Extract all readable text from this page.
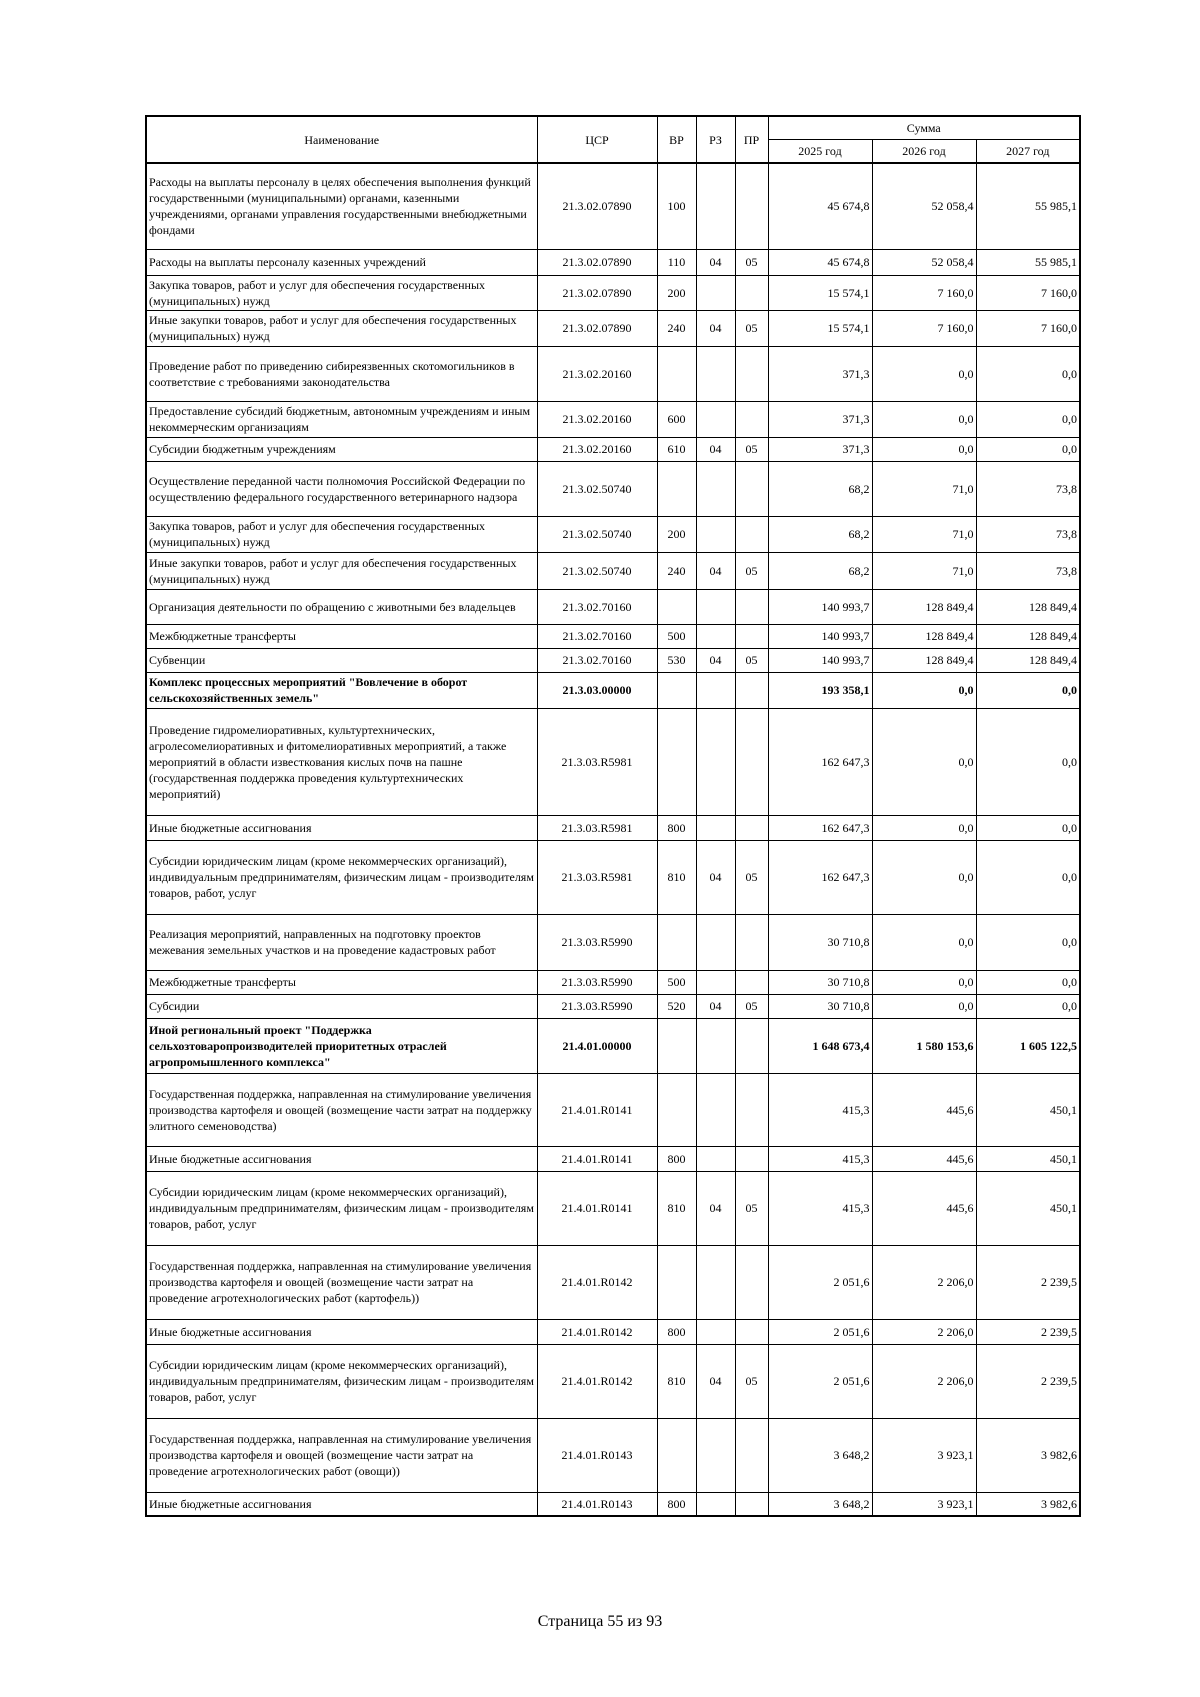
Наименование	ЦСР	ВР	РЗ	ПР	Сумма		
					2025 год	2026 год	2027 год
Расходы на выплаты персоналу в целях обеспечения выполнения функций государственными (муниципальными) органами, казенными учреждениями, органами управления государственными внебюджетными фондами	21.3.02.07890	100			45 674,8	52 058,4	55 985,1
Расходы на выплаты персоналу казенных учреждений	21.3.02.07890	110	04	05	45 674,8	52 058,4	55 985,1
Закупка товаров, работ и услуг для обеспечения государственных (муниципальных) нужд	21.3.02.07890	200			15 574,1	7 160,0	7 160,0
Иные закупки товаров, работ и услуг для обеспечения государственных (муниципальных) нужд	21.3.02.07890	240	04	05	15 574,1	7 160,0	7 160,0
Проведение работ по приведению сибиреязвенных скотомогильников в соответствие с требованиями законодательства	21.3.02.20160				371,3	0,0	0,0
Предоставление субсидий бюджетным, автономным учреждениям и иным некоммерческим организациям	21.3.02.20160	600			371,3	0,0	0,0
Субсидии бюджетным учреждениям	21.3.02.20160	610	04	05	371,3	0,0	0,0
Осуществление переданной части полномочия Российской Федерации по осуществлению федерального государственного ветеринарного надзора	21.3.02.50740				68,2	71,0	73,8
Закупка товаров, работ и услуг для обеспечения государственных (муниципальных) нужд	21.3.02.50740	200			68,2	71,0	73,8
Иные закупки товаров, работ и услуг для обеспечения государственных (муниципальных) нужд	21.3.02.50740	240	04	05	68,2	71,0	73,8
Организация деятельности по обращению с животными без владельцев	21.3.02.70160				140 993,7	128 849,4	128 849,4
Межбюджетные трансферты	21.3.02.70160	500			140 993,7	128 849,4	128 849,4
Субвенции	21.3.02.70160	530	04	05	140 993,7	128 849,4	128 849,4
Комплекс процессных мероприятий "Вовлечение в оборот сельскохозяйственных земель"	21.3.03.00000				193 358,1	0,0	0,0
Проведение гидромелиоративных, культуртехнических, агролесомелиоративных и фитомелиоративных мероприятий, а также мероприятий в области известкования кислых почв на пашне (государственная поддержка проведения культуртехнических мероприятий)	21.3.03.R5981				162 647,3	0,0	0,0
Иные бюджетные ассигнования	21.3.03.R5981	800			162 647,3	0,0	0,0
Субсидии юридическим лицам (кроме некоммерческих организаций), индивидуальным предпринимателям, физическим лицам - производителям товаров, работ, услуг	21.3.03.R5981	810	04	05	162 647,3	0,0	0,0
Реализация мероприятий, направленных на подготовку проектов межевания земельных участков и на проведение кадастровых работ	21.3.03.R5990				30 710,8	0,0	0,0
Межбюджетные трансферты	21.3.03.R5990	500			30 710,8	0,0	0,0
Субсидии	21.3.03.R5990	520	04	05	30 710,8	0,0	0,0
Иной региональный проект "Поддержка сельхозтоваропроизводителей приоритетных отраслей агропромышленного комплекса"	21.4.01.00000				1 648 673,4	1 580 153,6	1 605 122,5
Государственная поддержка, направленная на стимулирование увеличения производства картофеля и овощей (возмещение части затрат на поддержку элитного семеноводства)	21.4.01.R0141				415,3	445,6	450,1
Иные бюджетные ассигнования	21.4.01.R0141	800			415,3	445,6	450,1
Субсидии юридическим лицам (кроме некоммерческих организаций), индивидуальным предпринимателям, физическим лицам - производителям товаров, работ, услуг	21.4.01.R0141	810	04	05	415,3	445,6	450,1
Государственная поддержка, направленная на стимулирование увеличения производства картофеля и овощей (возмещение части затрат на проведение агротехнологических работ (картофель))	21.4.01.R0142				2 051,6	2 206,0	2 239,5
Иные бюджетные ассигнования	21.4.01.R0142	800			2 051,6	2 206,0	2 239,5
Субсидии юридическим лицам (кроме некоммерческих организаций), индивидуальным предпринимателям, физическим лицам - производителям товаров, работ, услуг	21.4.01.R0142	810	04	05	2 051,6	2 206,0	2 239,5
Государственная поддержка, направленная на стимулирование увеличения производства картофеля и овощей (возмещение части затрат на проведение агротехнологических работ (овощи))	21.4.01.R0143				3 648,2	3 923,1	3 982,6
Иные бюджетные ассигнования	21.4.01.R0143	800			3 648,2	3 923,1	3 982,6
Страница 55 из 93
